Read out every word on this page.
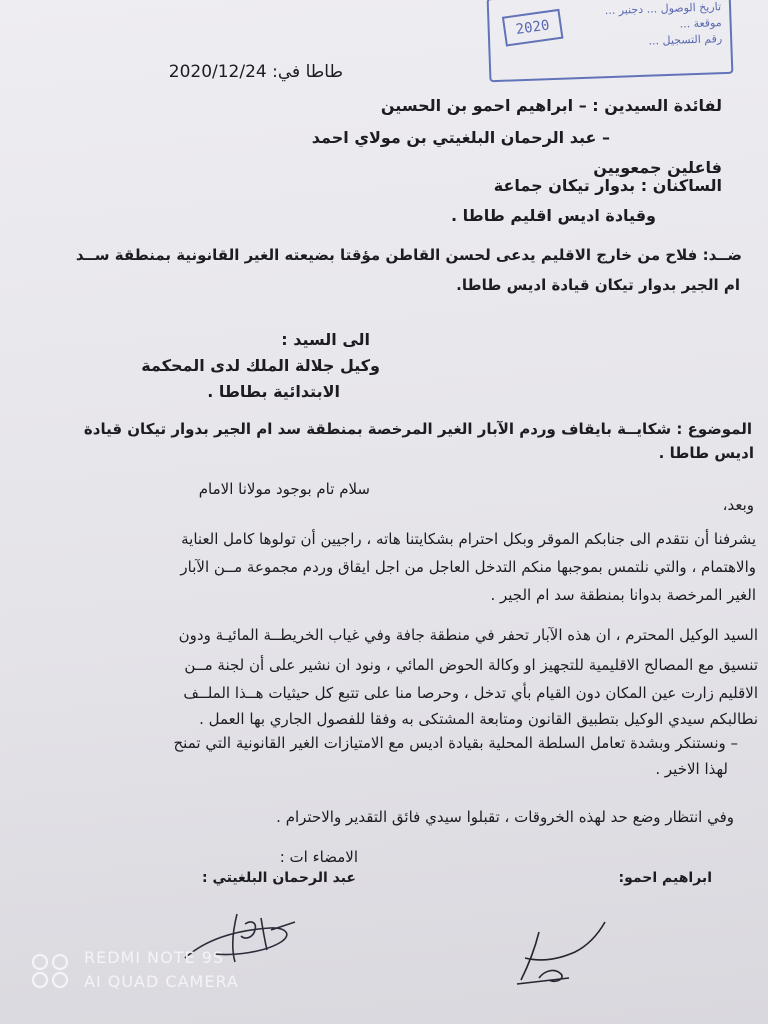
تاريخ الوصول ... دجنبر ...
موقعة ...
رقم التسجيل ...
2020
طاطا في: 2020/12/24
لفائدة السيدين : – ابراهيم احمو بن الحسين
– عبد الرحمان البلغيتي بن مولاي احمد
فاعلين جمعويين
الساكنان : بدوار تيكان جماعة
وقيادة اديس اقليم طاطا .
ضــد: فلاح من خارج الاقليم يدعى لحسن القاطن مؤقتا بضيعته الغير القانونية بمنطقة ســد
ام الجير بدوار تيكان قيادة اديس طاطا.
الى السيد :
وكيل جلالة الملك لدى المحكمة
الابتدائية بطاطا .
الموضوع : شكايــة بايقاف وردم الآبار الغير المرخصة بمنطقة سد ام الجير بدوار تيكان قيادة
اديس طاطا .
سلام تام بوجود مولانا الامام
وبعد،
يشرفنا أن نتقدم الى جنابكم الموقر وبكل احترام بشكايتنا هاته ، راجيين أن تولوها كامل العناية
والاهتمام ، والتي نلتمس بموجبها منكم التدخل العاجل من اجل ايقاق وردم مجموعة مــن الآبار
الغير المرخصة بدوانا بمنطقة سد ام الجير .
السيد الوكيل المحترم ، ان هذه الآبار تحفر في منطقة جافة وفي غياب الخريطــة المائيـة ودون
تنسيق مع المصالح الاقليمية للتجهيز او وكالة الحوض المائي ، ونود ان نشير على أن لجنة مــن
الاقليم زارت عين المكان دون القيام بأي تدخل ، وحرصا منا على تتبع كل حيثيات هــذا الملــف
نطالبكم سيدي الوكيل بتطبيق القانون ومتابعة المشتكى به وفقا للفصول الجاري بها العمل .
– ونستنكر وبشدة تعامل السلطة المحلية بقيادة اديس مع الامتيازات الغير القانونية التي تمنح
لهذا الاخير .
وفي انتظار وضع حد لهذه الخروقات ، تقبلوا سيدي فائق التقدير والاحترام .
الامضاء ات :
ابراهيم احمو:
عبد الرحمان البلغيتي :
REDMI NOTE 9S
AI QUAD CAMERA
